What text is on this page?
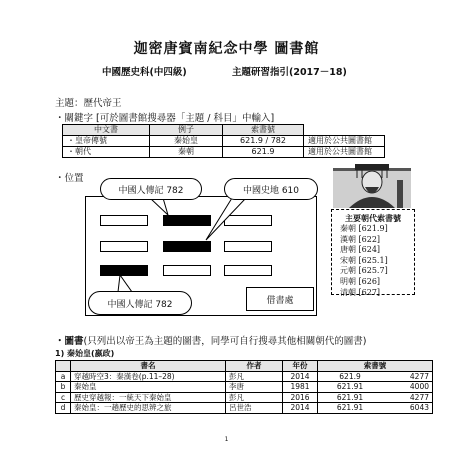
迦密唐賓南紀念中學 圖書館
中國歷史科(中四級)	主題研習指引(2017－18)
主題：歷代帝王
・關鍵字 [可於圖書館搜尋器「主題 / 科目」中輸入]
中文書	例子	索書號	
・皇帝傳號	秦始皇	621.9 / 782	適用於公共圖書館
・朝代	秦朝	621.9	適用於公共圖書館
・位置
借書處
中國人傳記 782	中國史地 610
中國人傳記 782
主要朝代索書號
秦朝 [621.9]
漢朝 [622]
唐朝 [624]
宋朝 [625.1]
元朝 [625.7]
明朝 [626]
清朝 [627]
・圖書(只列出以帝王為主題的圖書，同學可自行搜尋其他相關朝代的圖書)
1) 秦始皇(嬴政)
	書名	作者	年份	索書號	
a	穿越時空3：秦漢卷(p.11–28)	彭凡	2014	621.9	4277
b	秦始皇	李唐	1981	621.91	4000
c	歷史穿越報：一統天下秦始皇	彭凡	2016	621.91	4277
d	秦始皇：一趟歷史的思辨之旅	呂世浩	2014	621.91	6043
1
